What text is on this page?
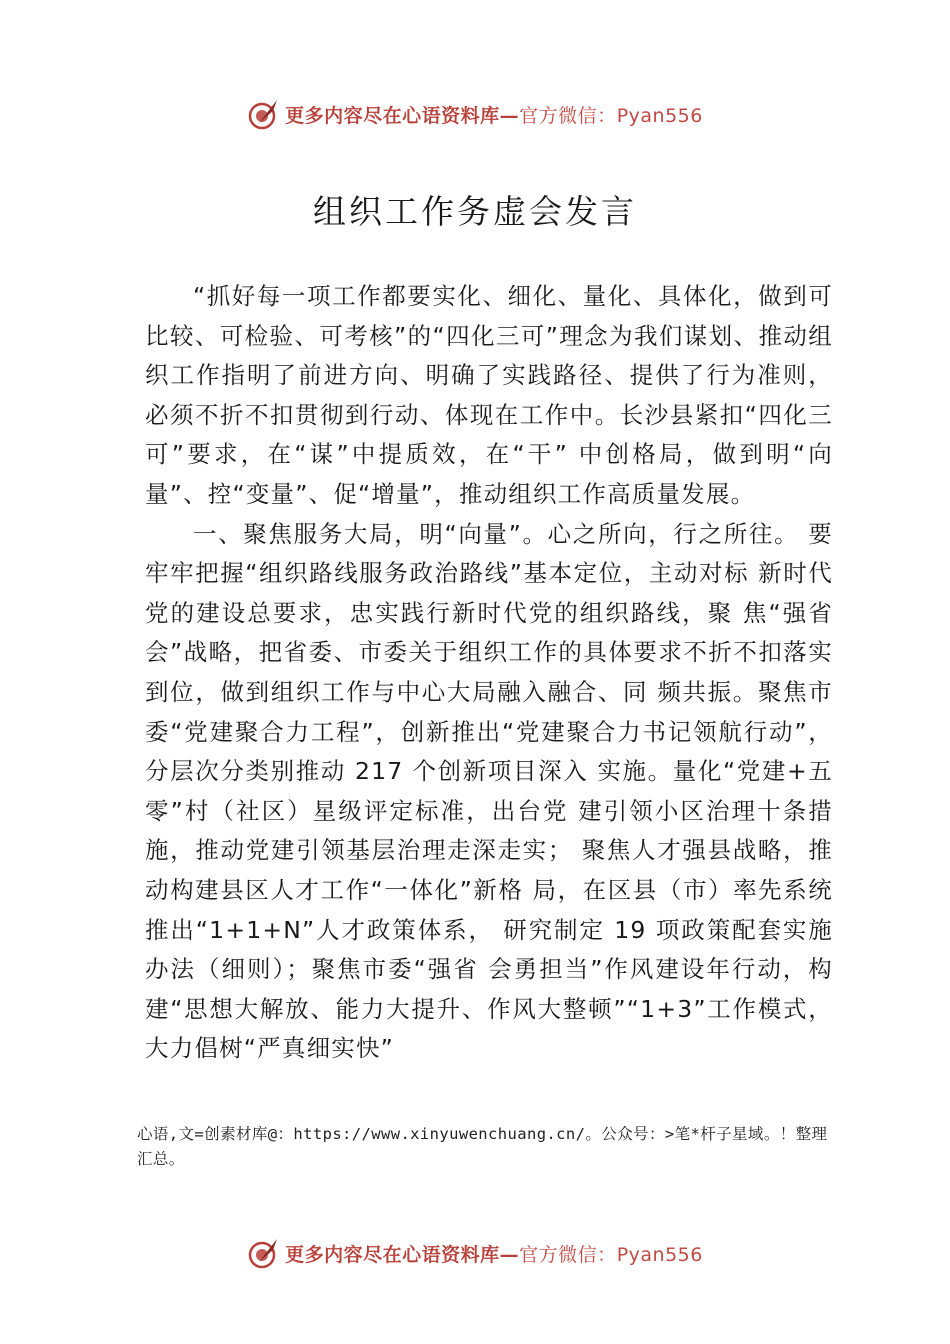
更多内容尽在心语资料库—官方微信：Pyan556
组织工作务虚会发言

“抓好每一项工作都要实化、细化、量化、具体化，做到可比较、可检验、可考核”的“四化三可”理念为我们谋划、推动组织工作指明了前进方向、明确了实践路径、提供了行为准则，必须不折不扣贯彻到行动、体现在工作中。长沙县紧扣“四化三可”要求，在“谋”中提质效，在“干” 中创格局，做到明“向量”、控“变量”、促“增量”，推动组织工作高质量发展。

一、聚焦服务大局，明“向量”。心之所向，行之所往。 要牢牢把握“组织路线服务政治路线”基本定位，主动对标 新时代党的建设总要求，忠实践行新时代党的组织路线，聚 焦“强省会”战略，把省委、市委关于组织工作的具体要求不折不扣落实到位，做到组织工作与中心大局融入融合、同 频共振。聚焦市委“党建聚合力工程”，创新推出“党建聚合力书记领航行动”，分层次分类别推动 217 个创新项目深入 实施。量化“党建+五零”村（社区）星级评定标准，出台党 建引领小区治理十条措施，推动党建引领基层治理走深走实； 聚焦人才强县战略，推动构建县区人才工作“一体化”新格 局，在区县（市）率先系统推出“1+1+N”人才政策体系， 研究制定 19 项政策配套实施办法（细则）；聚焦市委“强省 会勇担当”作风建设年行动，构建“思想大解放、能力大提升、作风大整顿”“1+3”工作模式，大力倡树“严真细实快”

心语,文=创素材库@：https://www.xinyuwenchuang.cn/。公众号：>笔*杆子星域。！整理汇总。
更多内容尽在心语资料库—官方微信：Pyan556
